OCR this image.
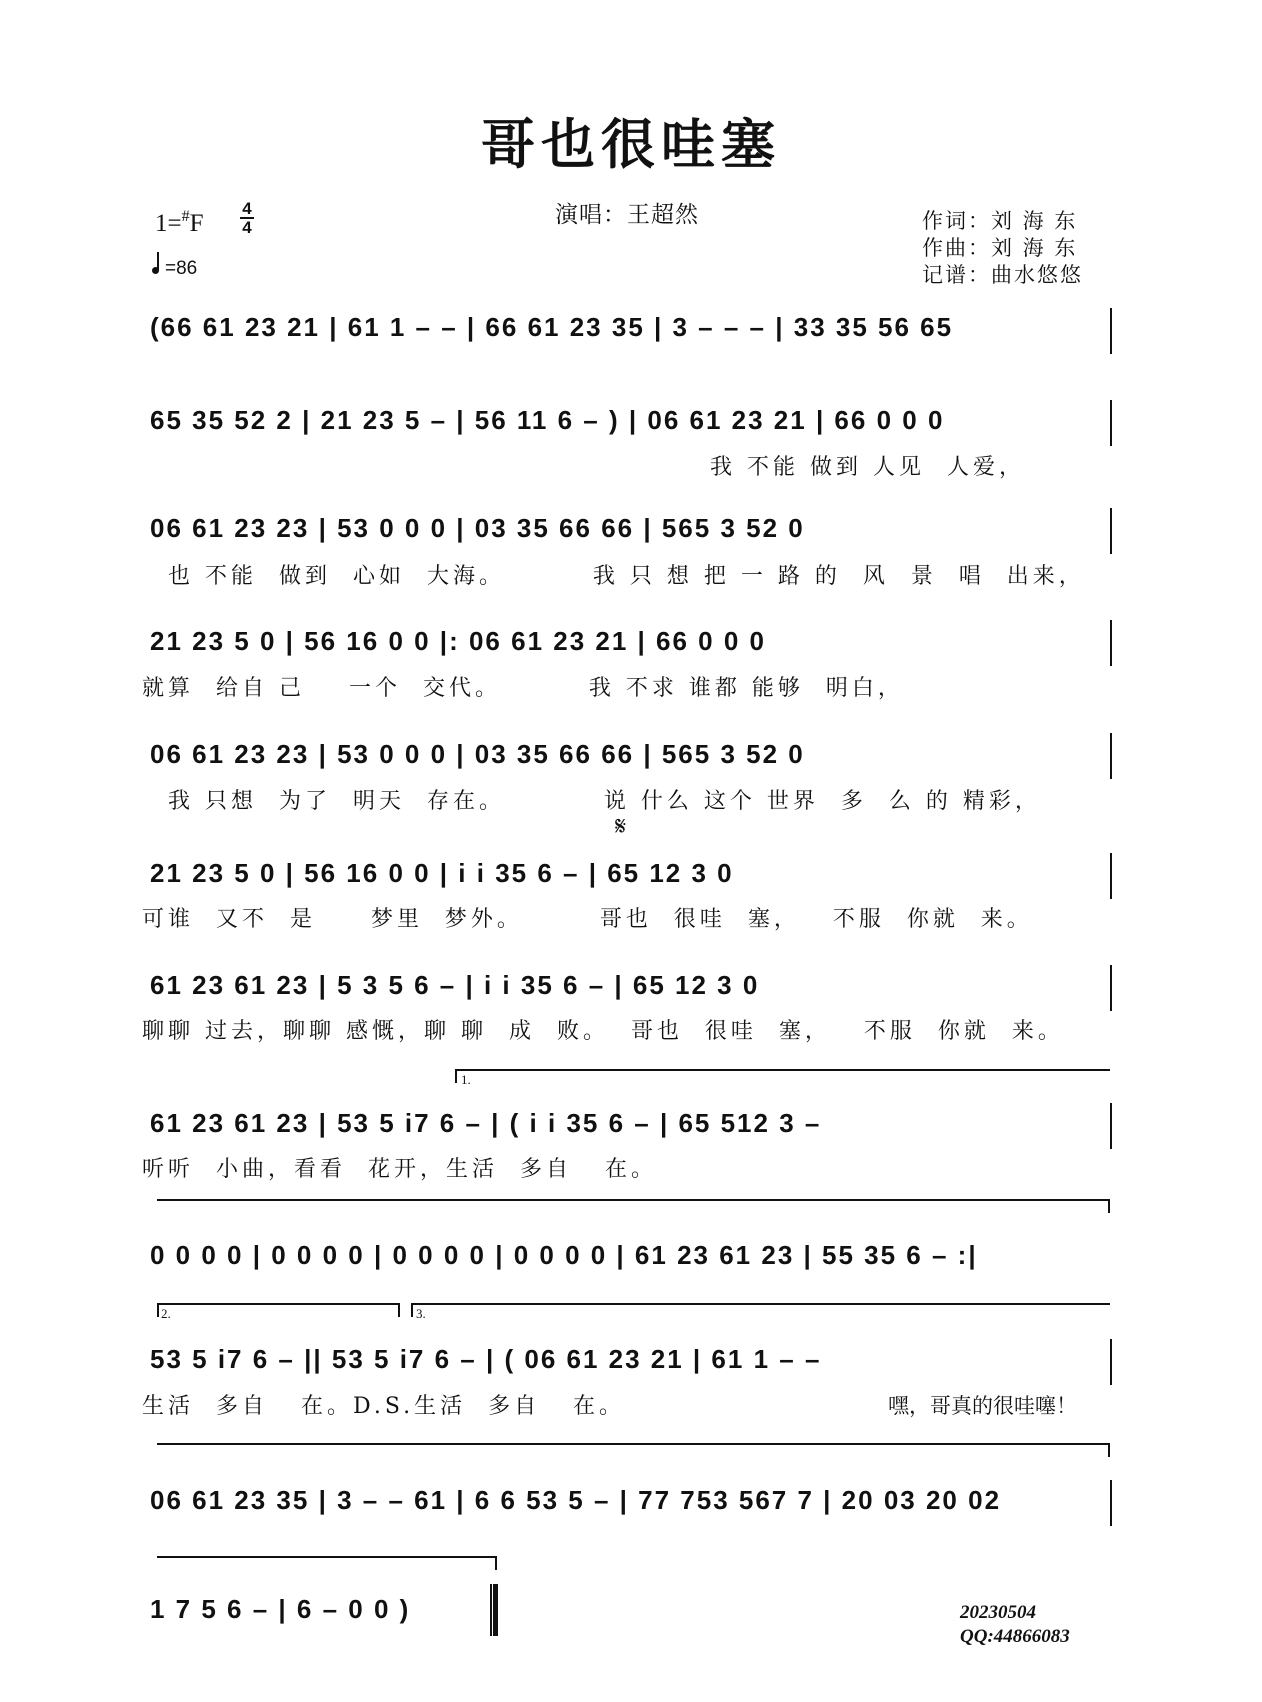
哥也很哇塞
1=#F
4
4
=86
演唱：王超然	作词：刘 海 东
作曲：刘 海 东
记谱：曲水悠悠
(66 61 23 21 | 61 1 – – | 66 61 23 35 | 3 – – – | 33 35 56 65
65 35 52 2 | 21 23 5 – | 56 11 6 – ) | 06 61 23 21 | 66 0 0 0
我 不能 做到 人见  人爱，
06 61 23 23 | 53 0 0 0 | 03 35 66 66 | 565 3 52 0
也 不能  做到  心如  大海。        我 只 想 把 一 路 的  风  景  唱  出来，
21 23 5 0 | 56 16 0 0 |: 06 61 23 21 | 66 0 0 0
就算  给自 己    一个  交代。        我 不求 谁都 能够  明白，
06 61 23 23 | 53 0 0 0 | 03 35 66 66 | 565 3 52 0
我 只想  为了  明天  存在。         说 什么 这个 世界  多  么 的 精彩，
𝄋
21 23 5 0 | 56 16 0 0 | i i 35 6 – | 65 12 3 0
可谁  又不  是     梦里  梦外。       哥也  很哇  塞，   不服  你就  来。
61 23 61 23 | 5 3 5 6 – | i i 35 6 – | 65 12 3 0
聊聊 过去，聊聊 感慨，聊 聊  成  败。  哥也  很哇  塞，   不服  你就  来。
1.
61 23 61 23 | 53 5 i7 6 – | ( i i 35 6 – | 65 512 3 –
听听  小曲，看看  花开，生活  多自   在。
0 0 0 0 | 0 0 0 0 | 0 0 0 0 | 0 0 0 0 | 61 23 61 23 | 55 35 6 – :|
2.	3.
53 5 i7 6 – || 53 5 i7 6 – | ( 06 61 23 21 | 61 1 – –
生活  多自   在。D.S.生活  多自   在。	嘿，哥真的很哇噻！
06 61 23 35 | 3 – – 61 | 6 6 53 5 – | 77 753 567 7 | 20 03 20 02
1 7 5 6 – | 6 – 0 0 )	20230504
QQ:44866083
